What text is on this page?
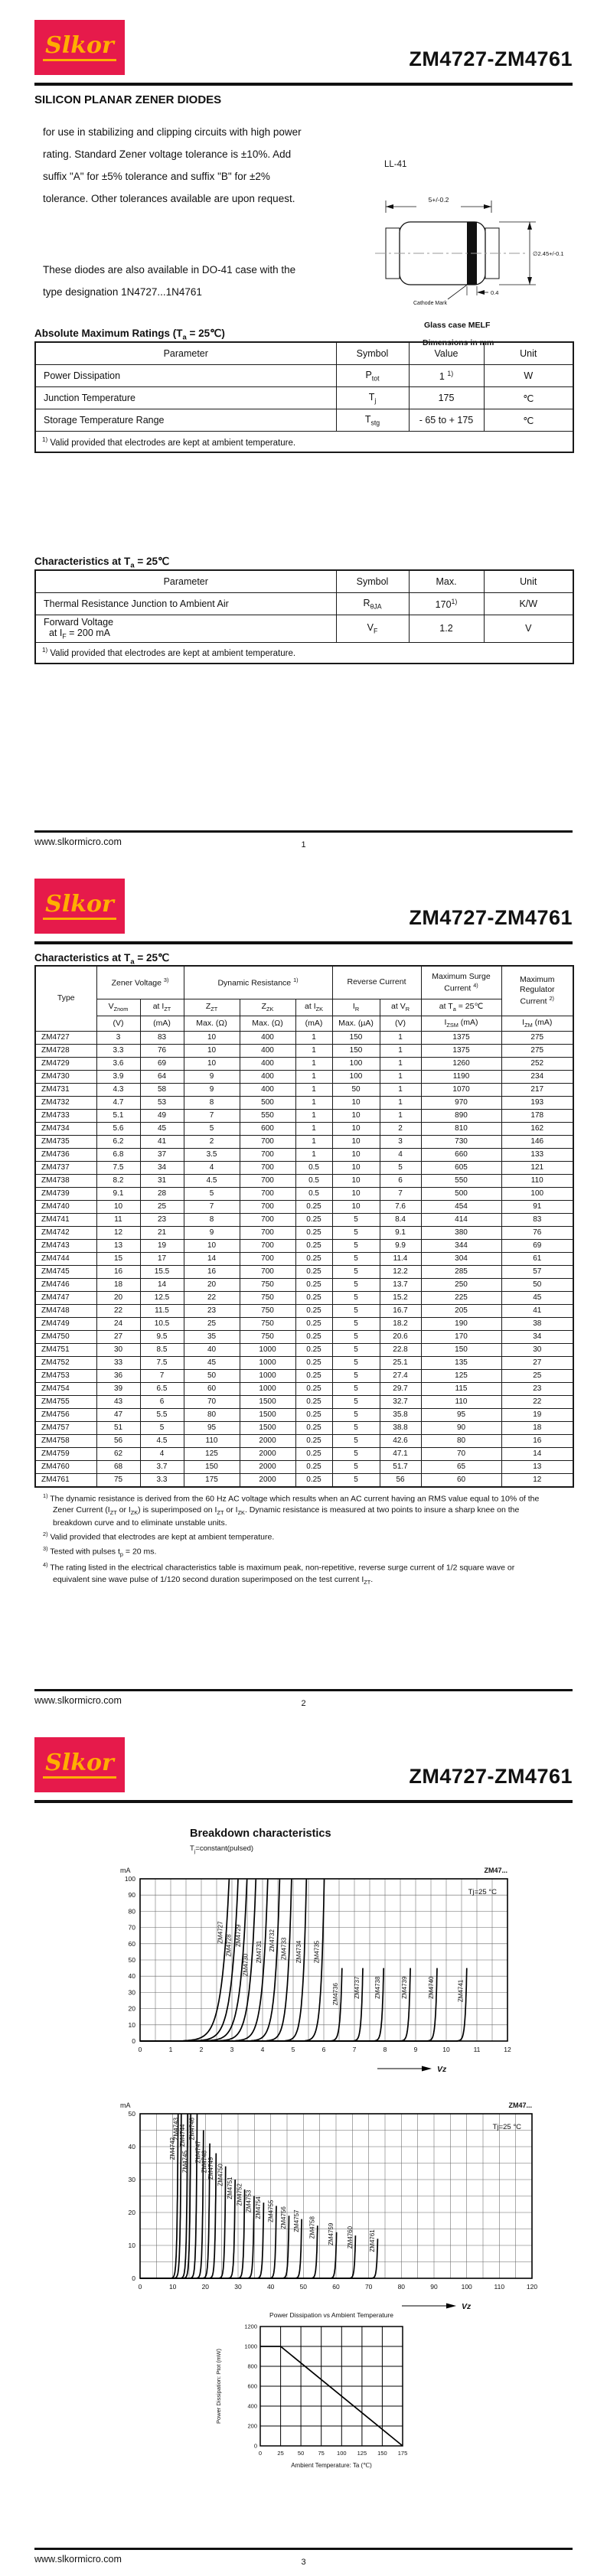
Slkor
ZM4727-ZM4761
SILICON PLANAR ZENER DIODES

for use in stabilizing and clipping circuits with high power rating. Standard Zener voltage tolerance is ±10%. Add suffix "A" for ±5% tolerance and suffix "B" for ±2% tolerance. Other tolerances available are upon request.

These diodes are also available in DO-41 case with the type designation 1N4727...1N4761

LL-41
5+/-0.2
∅2.45+/-0.1
0.4
Cathode Mark
Glass case MELF
Dimensions in mm
Absolute Maximum Ratings ($T_a$ = 25℃)
Parameter	Symbol	Value	Unit
Power Dissipation	$P_{tot}$	1 $^{1)}$	W
Junction Temperature	$T_j$	175	℃
Storage Temperature Range	$T_{stg}$	- 65 to + 175	℃
$^{1)}$ Valid provided that electrodes are kept at ambient temperature.			
Characteristics at $T_a$ = 25℃
Parameter	Symbol	Max.	Unit
Thermal Resistance Junction to Ambient Air	$R_{\theta JA}$	170$^{1)}$	K/W
Forward Voltage
at $I_F = 200$ mA	$V_F$	1.2	V
$^{1)}$ Valid provided that electrodes are kept at ambient temperature.			
www.slkormicro.com	1
Slkor
ZM4727-ZM4761
Characteristics at $T_a$ = 25℃
Type	Zener Voltage $^{3)}$		Dynamic Resistance $^{1)}$			Reverse Current		Maximum Surge
Current $^{4)}$	Maximum
Regulator
Current $^{2)}$
	$V_{Znom}$	at $I_{ZT}$	$Z_{ZT}$	$Z_{ZK}$	at $I_{ZK}$	$I_R$	at $V_R$	at $T_a$ = 25℃	
	(V)	(mA)	Max. (Ω)	Max. (Ω)	(mA)	Max. (µA)	(V)	$I_{ZSM}$ (mA)	$I_{ZM}$ (mA)
ZM4727	3	83	10	400	1	150	1	1375	275
ZM4728	3.3	76	10	400	1	150	1	1375	275
ZM4729	3.6	69	10	400	1	100	1	1260	252
ZM4730	3.9	64	9	400	1	100	1	1190	234
ZM4731	4.3	58	9	400	1	50	1	1070	217
ZM4732	4.7	53	8	500	1	10	1	970	193
ZM4733	5.1	49	7	550	1	10	1	890	178
ZM4734	5.6	45	5	600	1	10	2	810	162
ZM4735	6.2	41	2	700	1	10	3	730	146
ZM4736	6.8	37	3.5	700	1	10	4	660	133
ZM4737	7.5	34	4	700	0.5	10	5	605	121
ZM4738	8.2	31	4.5	700	0.5	10	6	550	110
ZM4739	9.1	28	5	700	0.5	10	7	500	100
ZM4740	10	25	7	700	0.25	10	7.6	454	91
ZM4741	11	23	8	700	0.25	5	8.4	414	83
ZM4742	12	21	9	700	0.25	5	9.1	380	76
ZM4743	13	19	10	700	0.25	5	9.9	344	69
ZM4744	15	17	14	700	0.25	5	11.4	304	61
ZM4745	16	15.5	16	700	0.25	5	12.2	285	57
ZM4746	18	14	20	750	0.25	5	13.7	250	50
ZM4747	20	12.5	22	750	0.25	5	15.2	225	45
ZM4748	22	11.5	23	750	0.25	5	16.7	205	41
ZM4749	24	10.5	25	750	0.25	5	18.2	190	38
ZM4750	27	9.5	35	750	0.25	5	20.6	170	34
ZM4751	30	8.5	40	1000	0.25	5	22.8	150	30
ZM4752	33	7.5	45	1000	0.25	5	25.1	135	27
ZM4753	36	7	50	1000	0.25	5	27.4	125	25
ZM4754	39	6.5	60	1000	0.25	5	29.7	115	23
ZM4755	43	6	70	1500	0.25	5	32.7	110	22
ZM4756	47	5.5	80	1500	0.25	5	35.8	95	19
ZM4757	51	5	95	1500	0.25	5	38.8	90	18
ZM4758	56	4.5	110	2000	0.25	5	42.6	80	16
ZM4759	62	4	125	2000	0.25	5	47.1	70	14
ZM4760	68	3.7	150	2000	0.25	5	51.7	65	13
ZM4761	75	3.3	175	2000	0.25	5	56	60	12
$^{1)}$ The dynamic resistance is derived from the 60 Hz AC voltage which results when an AC current having an RMS value equal to 10% of the Zener Current ($I_{ZT}$ or $I_{ZK}$) is superimposed on $I_{ZT}$ or $I_{ZK}$. Dynamic resistance is measured at two points to insure a sharp knee on the breakdown curve and to eliminate unstable units.
$^{2)}$ Valid provided that electrodes are kept at ambient temperature.
$^{3)}$ Tested with pulses $t_p = 20$ ms.
$^{4)}$ The rating listed in the electrical characteristics table is maximum peak, non-repetitive, reverse surge current of 1/2 square wave or equivalent sine wave pulse of 1/120 second duration superimposed on the test current $I_{ZT}$.
www.slkormicro.com	2
Slkor
ZM4727-ZM4761
Breakdown characteristics
$T_j=constant(pulsed)$
ZM4727
ZM4728 ZM4729
ZM4730
ZM4731
ZM4732 ZM4733 ZM4734 ZM4735
ZM4736 ZM4737 ZM4738	ZM4739	ZM4740	ZM4741
0	1	2	3	4	5	6	7	8	9	10	11	12
0
10
20
30
40
50
60
70
80
90
100
mA	ZM47...
Tj=25 °C
Vz
ZM4742
ZM4743 ZM4744
ZM4745
ZM4746
ZM4747 ZM4748 ZM4749 ZM4750
ZM4751 ZM4752 ZM4753 ZM4754 ZM4755 ZM4756 ZM4757 ZM4758 ZM4759 ZM4760 ZM4761
0	10	20	30	40	50	60	70	80	90	100	110	120
0
10
20
30
40
50
mA	ZM47...
Tj=25 °C
Vz
0	25 50 75 100 125 150 175
0
200
400
600
800
1000
1200
Power Dissipation vs Ambient Temperature
Power Dissipation: Ptot (mW)
Ambient Temperature: Ta (℃)
www.slkormicro.com	3
